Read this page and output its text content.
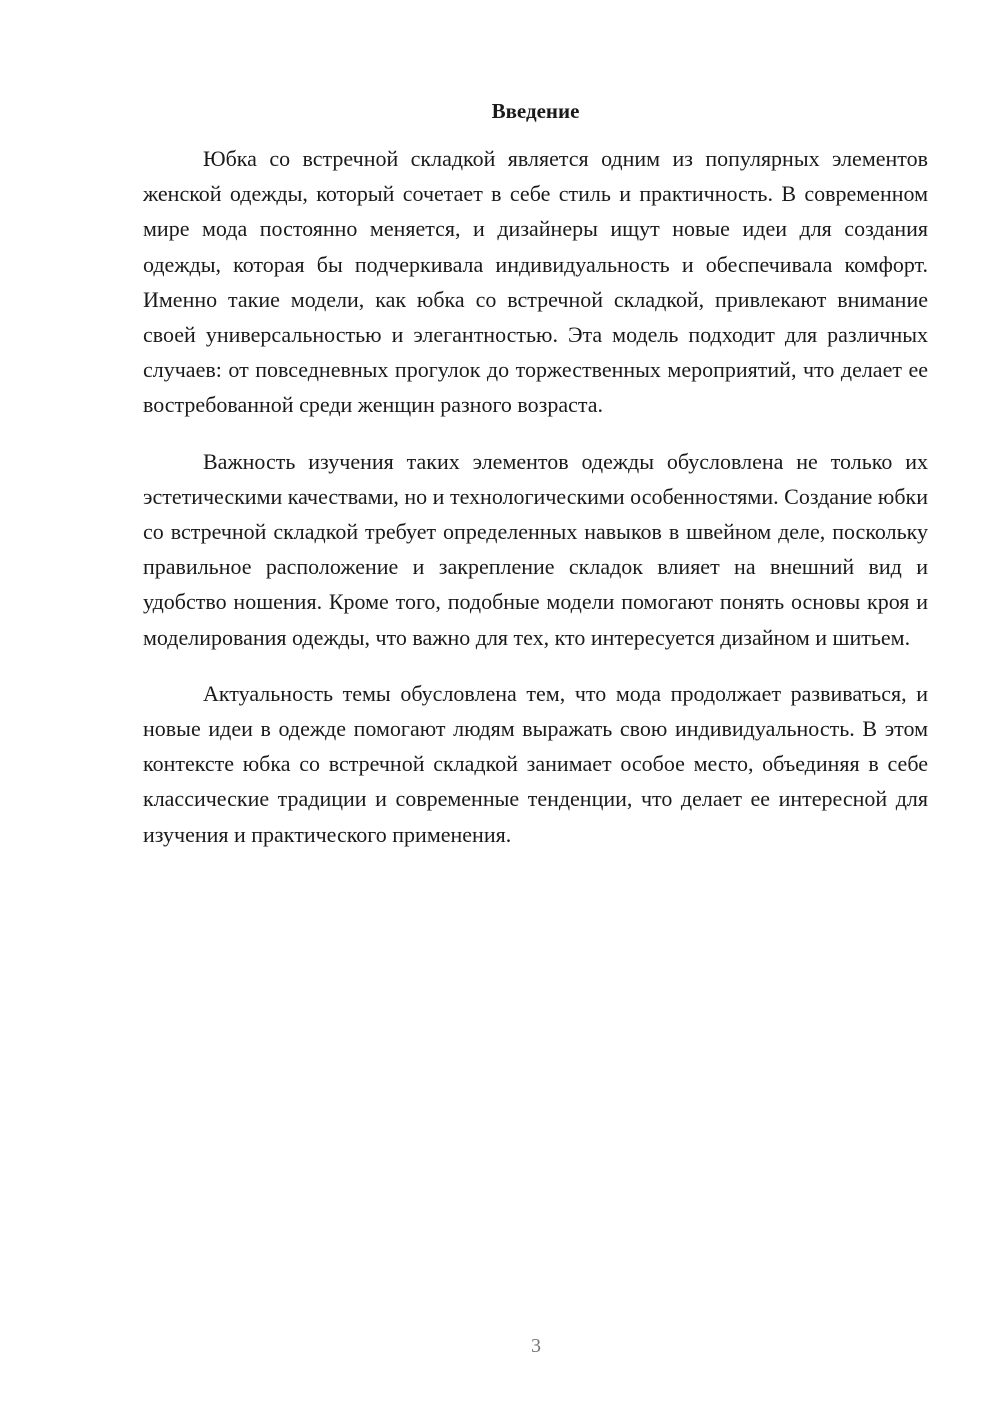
Введение

Юбка со встречной складкой является одним из популярных элементов женской одежды, который сочетает в себе стиль и практичность. В современном мире мода постоянно меняется, и дизайнеры ищут новые идеи для создания одежды, которая бы подчеркивала индивидуальность и обеспечивала комфорт. Именно такие модели, как юбка со встречной складкой, привлекают внимание своей универсальностью и элегантностью. Эта модель подходит для различных случаев: от повседневных прогулок до торжественных мероприятий, что делает ее востребованной среди женщин разного возраста.

Важность изучения таких элементов одежды обусловлена не только их эстетическими качествами, но и технологическими особенностями. Создание юбки со встречной складкой требует определенных навыков в швейном деле, поскольку правильное расположение и закрепление складок влияет на внешний вид и удобство ношения. Кроме того, подобные модели помогают понять основы кроя и моделирования одежды, что важно для тех, кто интересуется дизайном и шитьем.

Актуальность темы обусловлена тем, что мода продолжает развиваться, и новые идеи в одежде помогают людям выражать свою индивидуальность. В этом контексте юбка со встречной складкой занимает особое место, объединяя в себе классические традиции и современные тенденции, что делает ее интересной для изучения и практического применения.

3
